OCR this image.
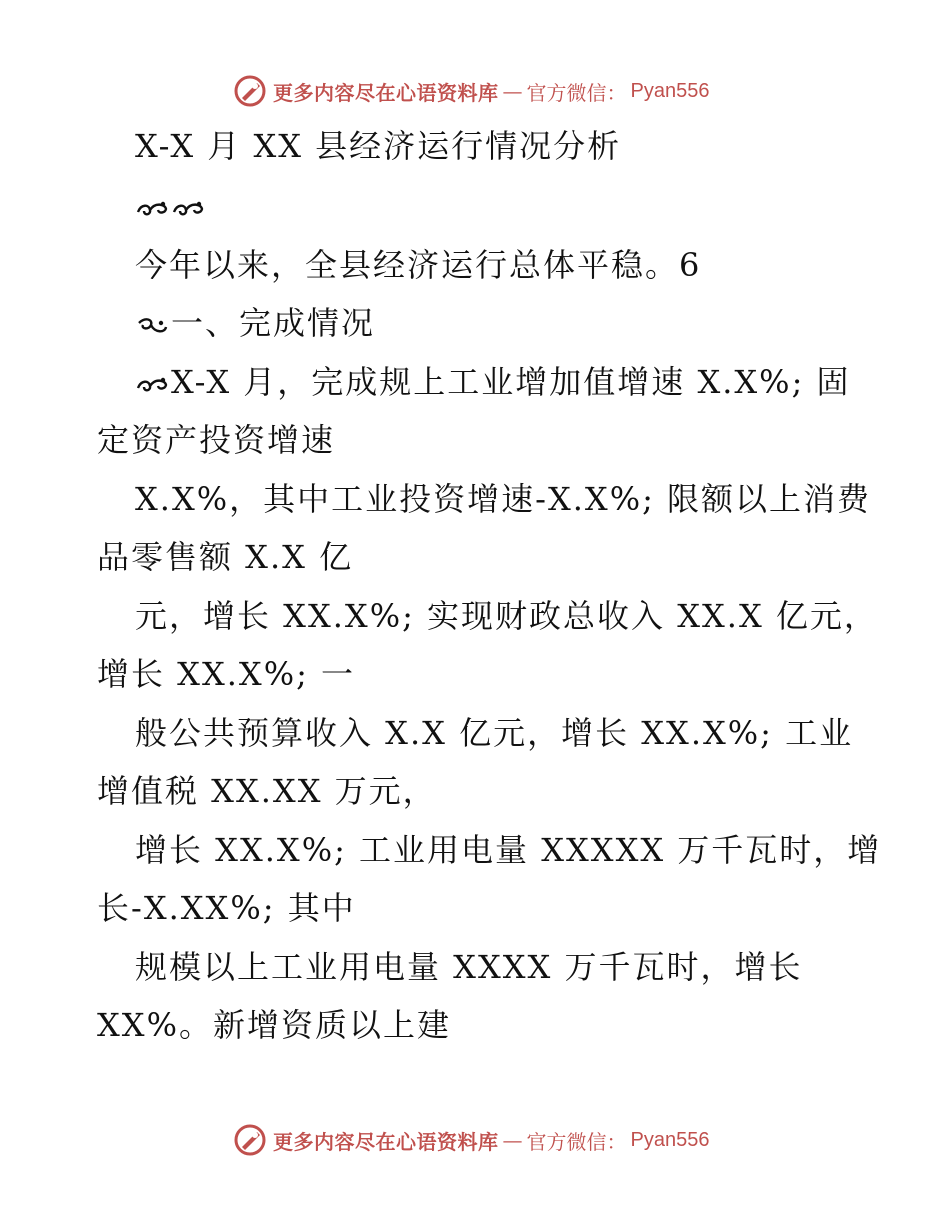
更多内容尽在心语资料库 — 官方微信： Pyan556
X-X 月 XX 县经济运行情况分析
今年以来，全县经济运行总体平稳。6
一、完成情况
X-X 月，完成规上工业增加值增速 X.X%; 固
定资产投资增速
X.X%，其中工业投资增速-X.X%; 限额以上消费
品零售额 X.X 亿
元，增长 XX.X%; 实现财政总收入 XX.X 亿元，
增长 XX.X%; 一
般公共预算收入 X.X 亿元，增长 XX.X%; 工业
增值税 XX.XX 万元，
增长 XX.X%; 工业用电量 XXXXX 万千瓦时，增
长-X.XX%; 其中
规模以上工业用电量 XXXX 万千瓦时，增长
XX%。新增资质以上建
更多内容尽在心语资料库 — 官方微信： Pyan556
